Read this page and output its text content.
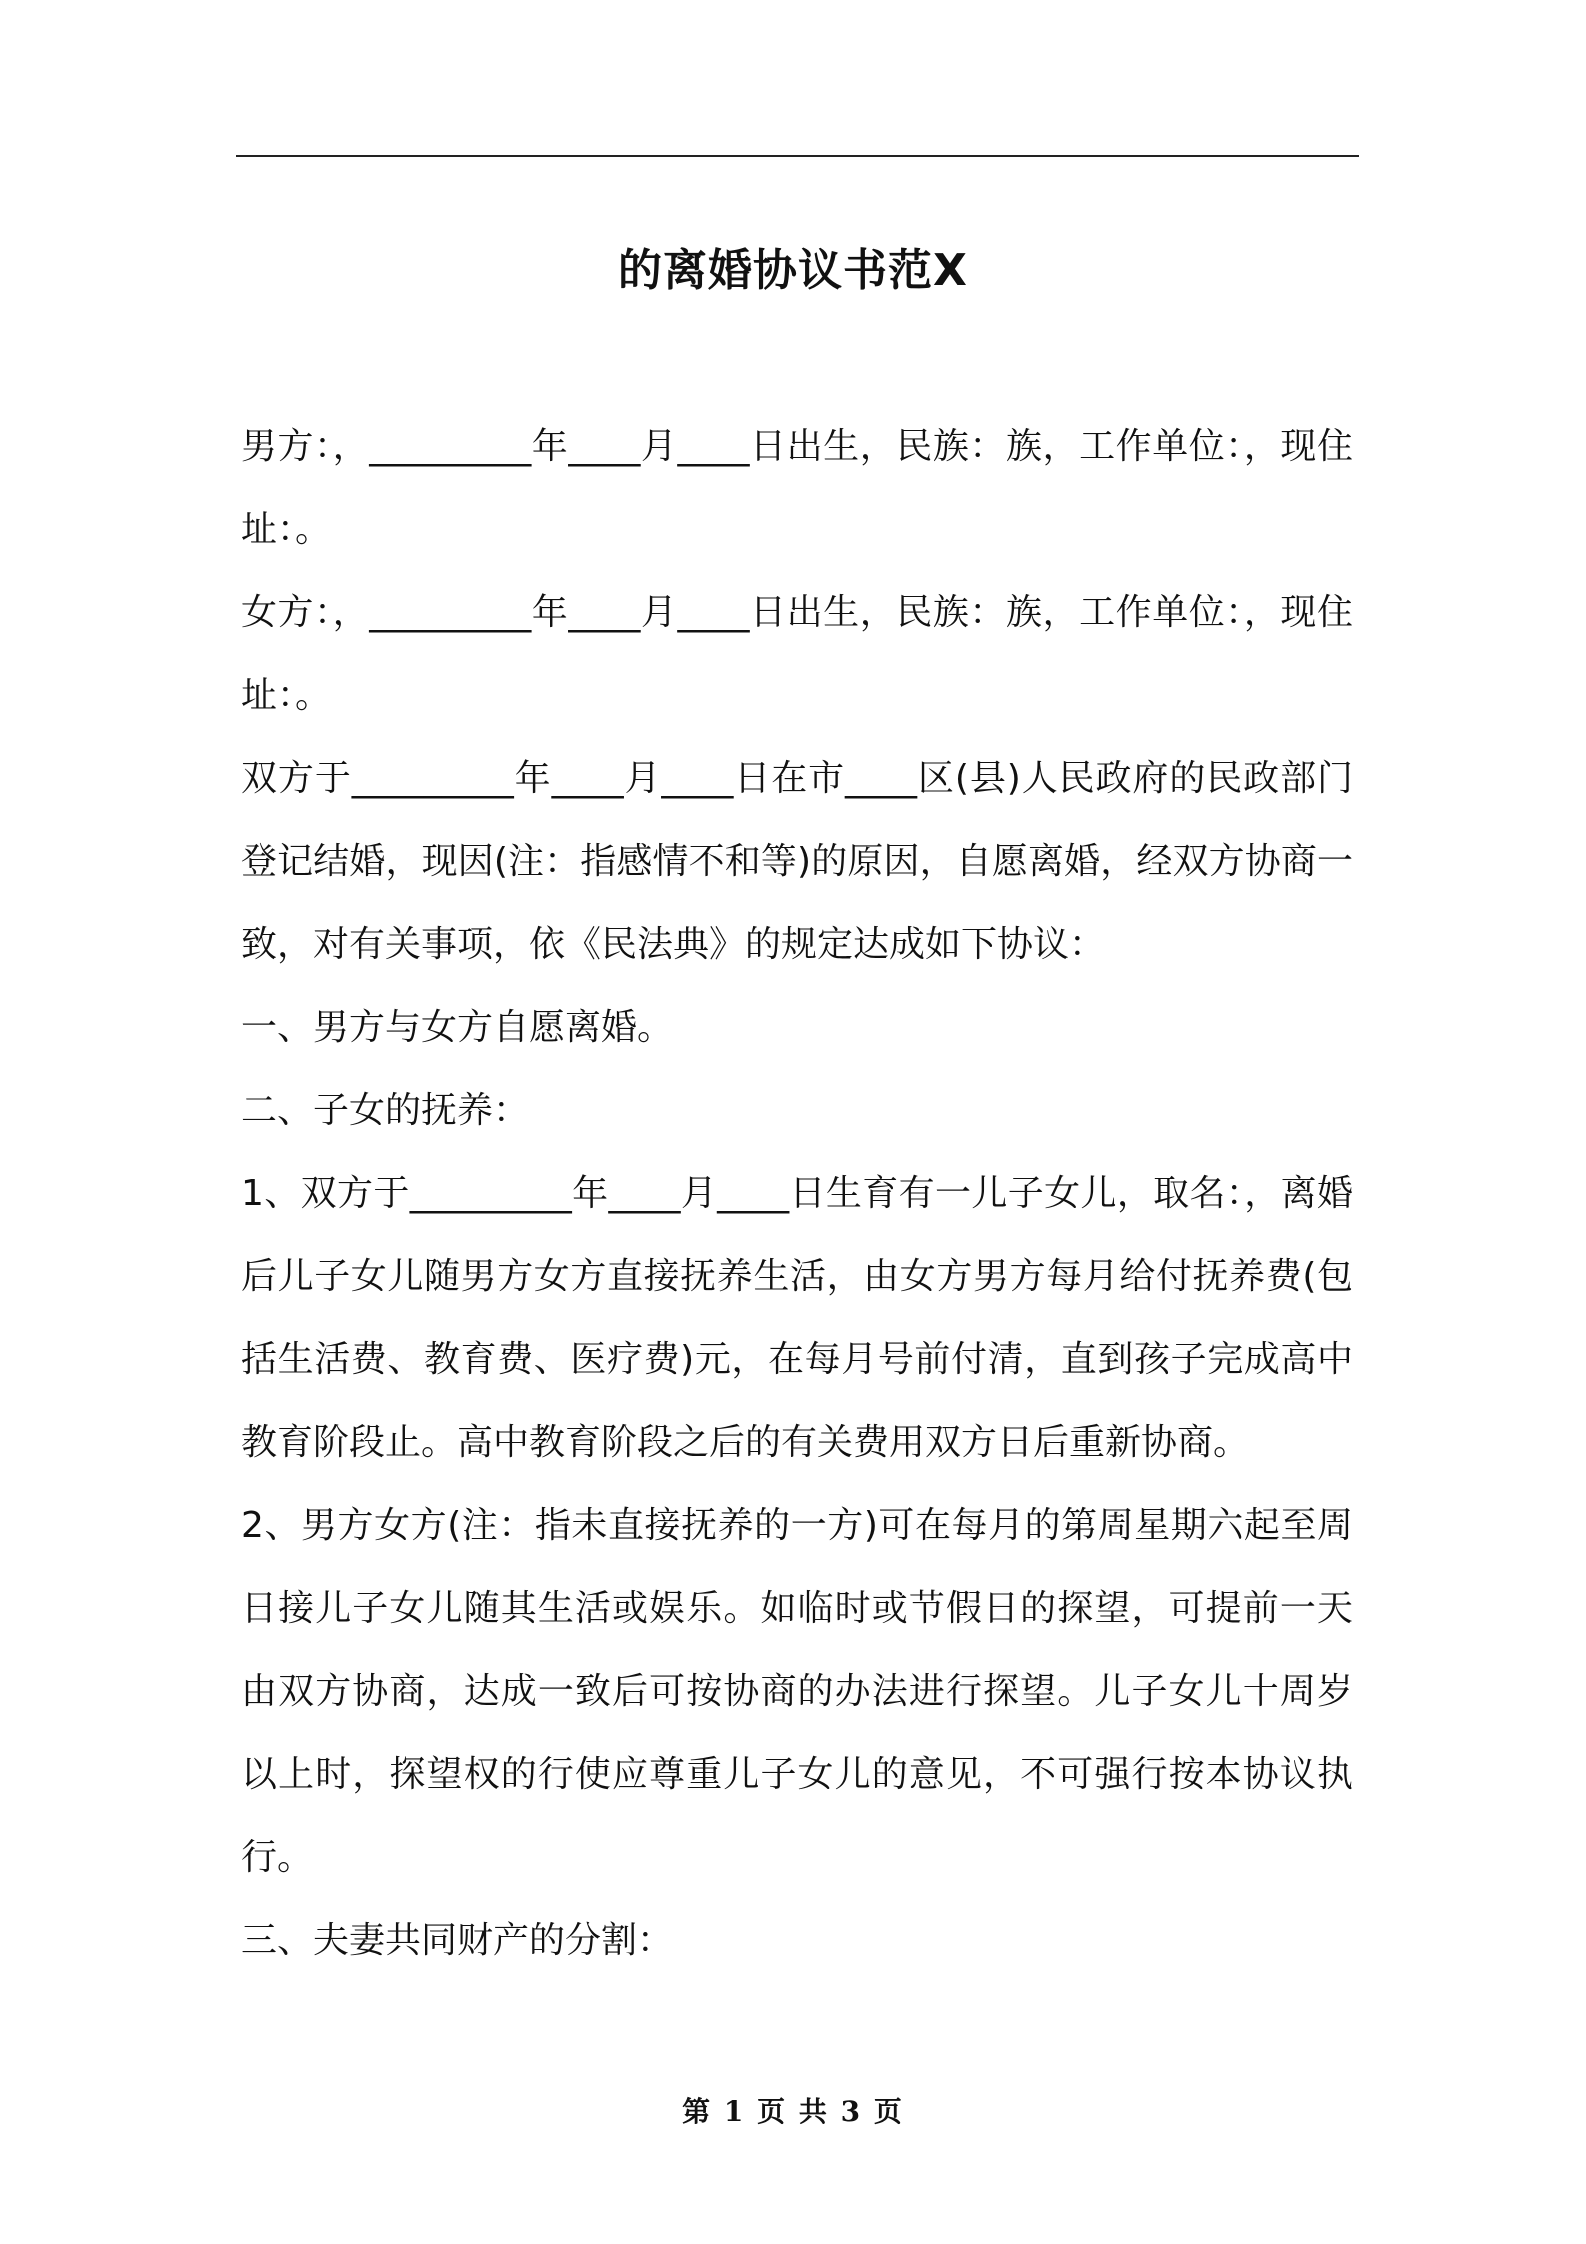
的离婚协议书范X

男方：，_________年____月____日出生，民族：族，工作单位：，现住址：。

女方：，_________年____月____日出生，民族：族，工作单位：，现住址：。

双方于_________年____月____日在市____区(县)人民政府的民政部门登记结婚，现因(注：指感情不和等)的原因，自愿离婚，经双方协商一致，对有关事项，依《民法典》的规定达成如下协议：

一、男方与女方自愿离婚。

二、子女的抚养：

1、双方于_________年____月____日生育有一儿子女儿，取名：，离婚后儿子女儿随男方女方直接抚养生活，由女方男方每月给付抚养费(包括生活费、教育费、医疗费)元，在每月号前付清，直到孩子完成高中教育阶段止。高中教育阶段之后的有关费用双方日后重新协商。

2、男方女方(注：指未直接抚养的一方)可在每月的第周星期六起至周日接儿子女儿随其生活或娱乐。如临时或节假日的探望，可提前一天由双方协商，达成一致后可按协商的办法进行探望。儿子女儿十周岁以上时，探望权的行使应尊重儿子女儿的意见，不可强行按本协议执行。

三、夫妻共同财产的分割：

第 1 页 共 3 页
